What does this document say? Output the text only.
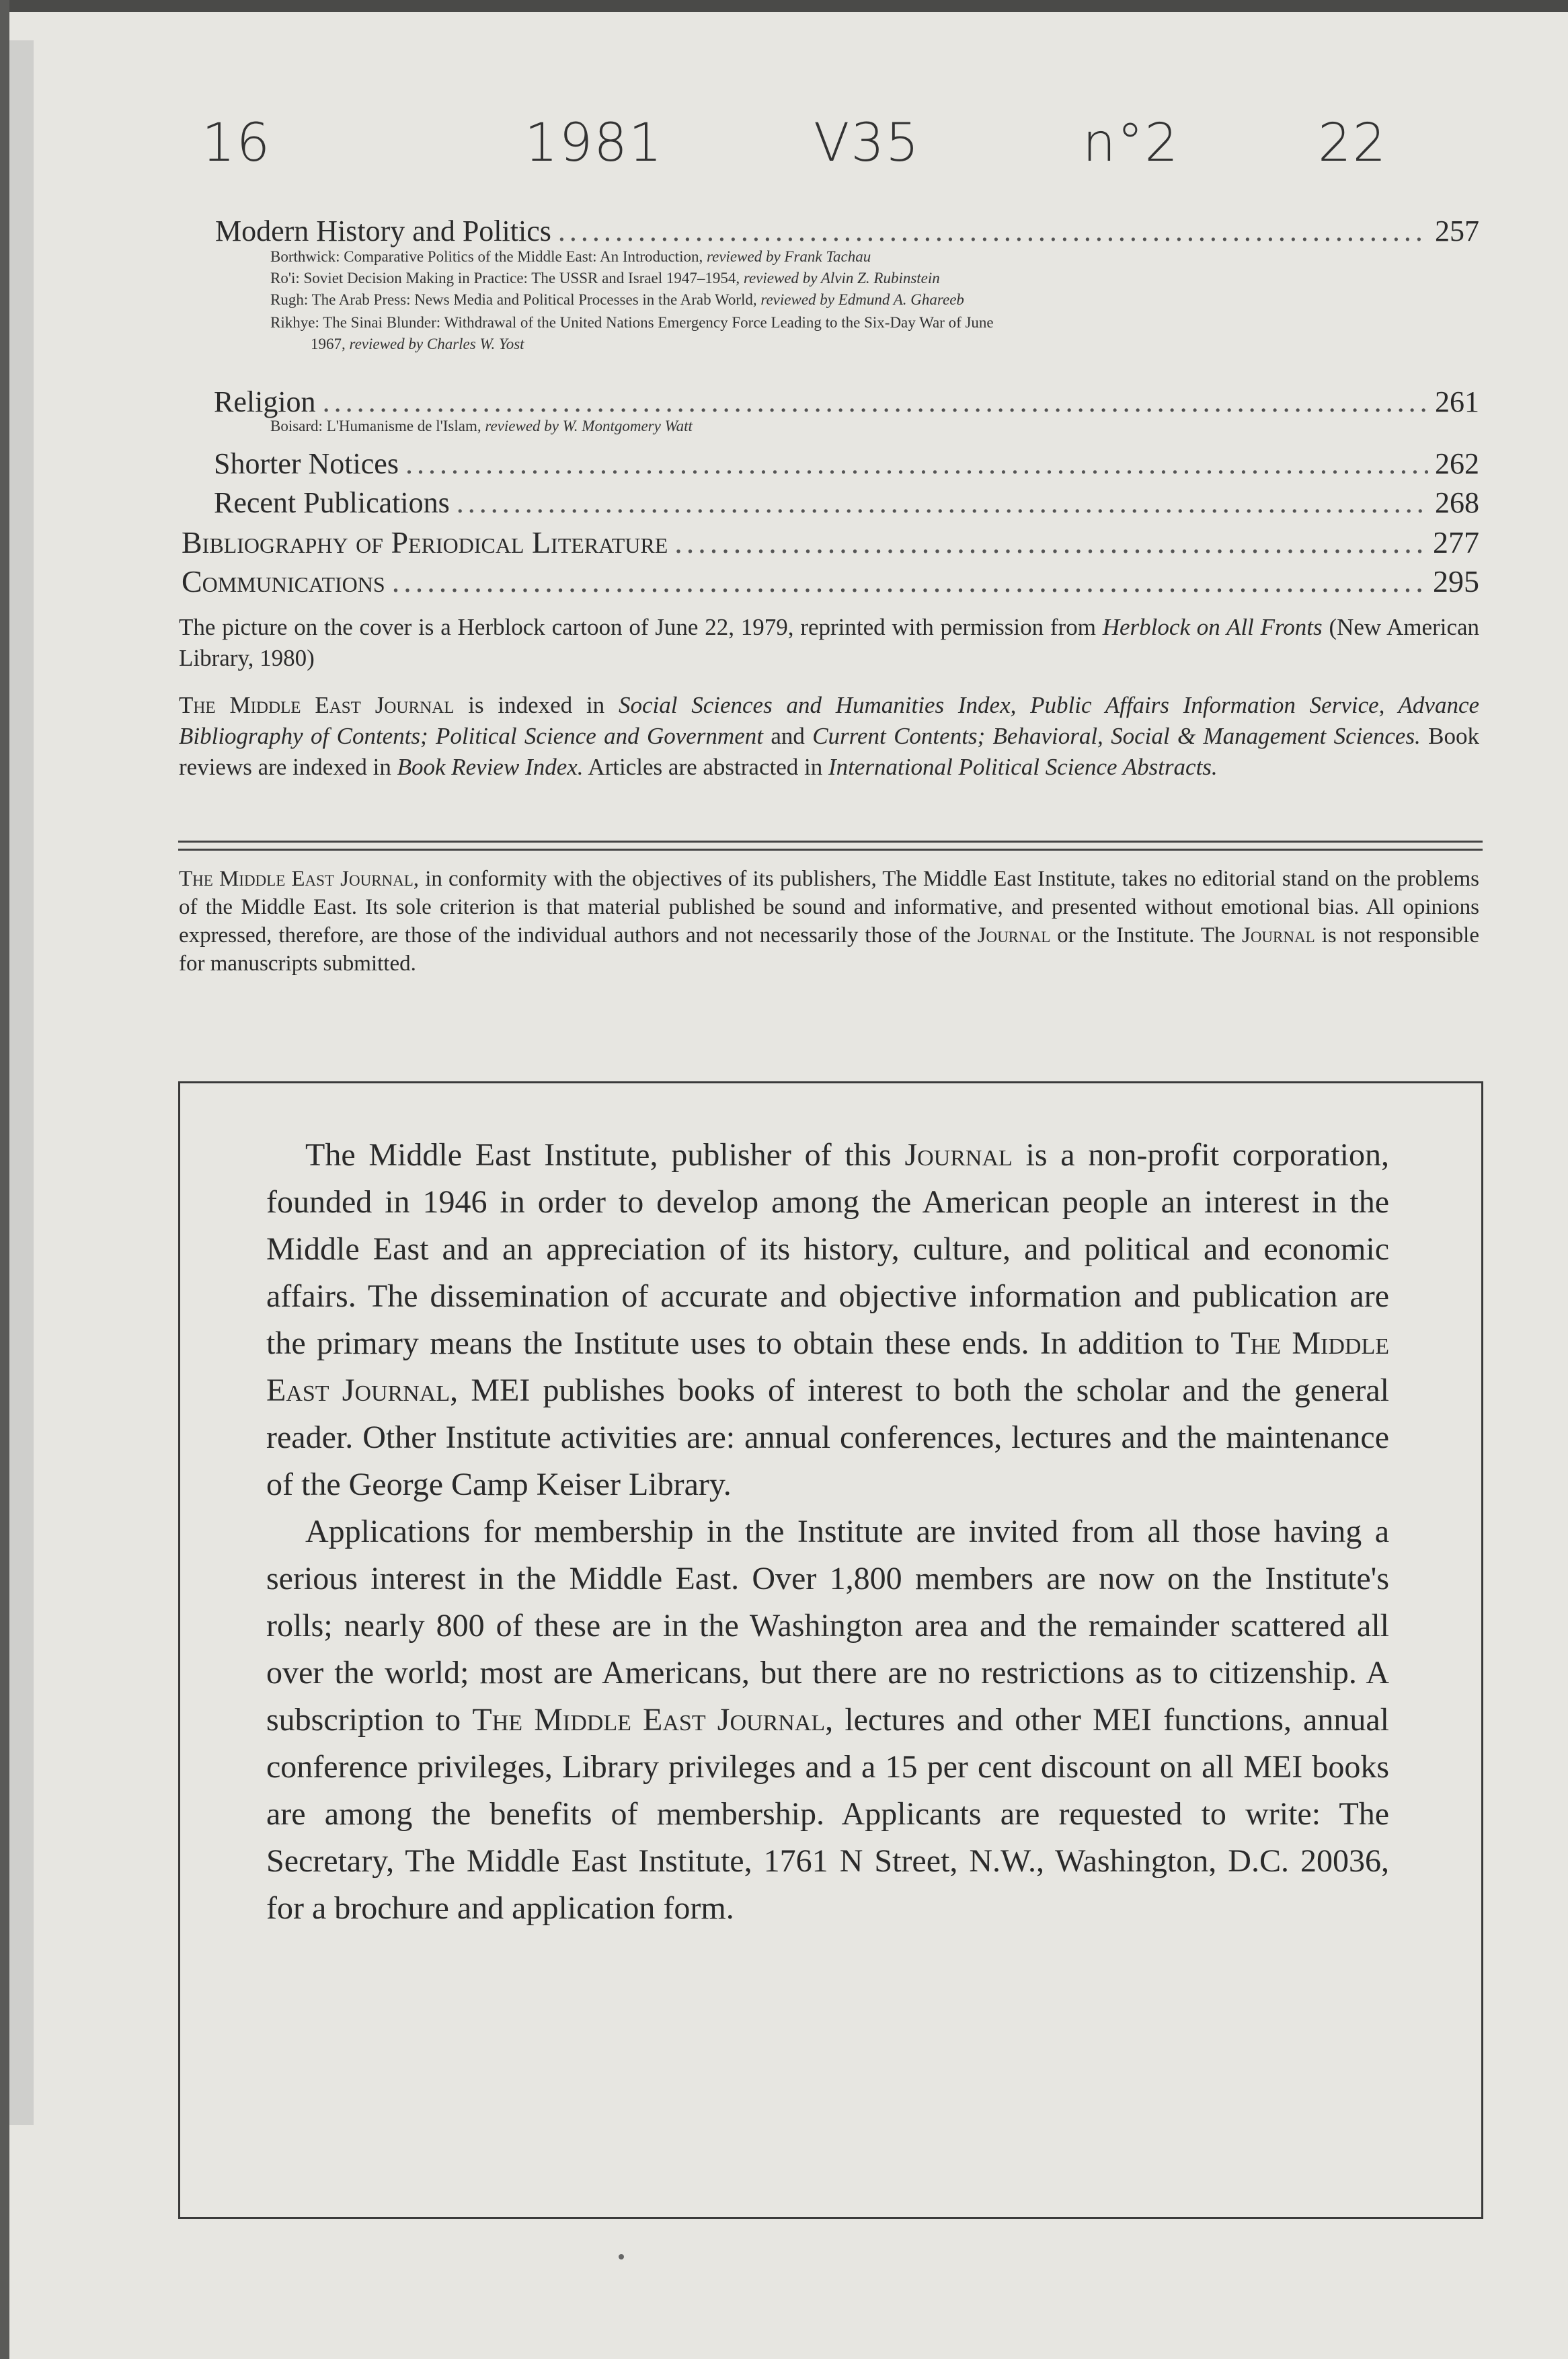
16	1981	V35	n°2	22
Modern History and Politics .....	257
Borthwick: Comparative Politics of the Middle East: An Introduction, reviewed by Frank Tachau
Ro'i: Soviet Decision Making in Practice: The USSR and Israel 1947–1954, reviewed by Alvin Z. Rubinstein
Rugh: The Arab Press: News Media and Political Processes in the Arab World, reviewed by Edmund A. Ghareeb
Rikhye: The Sinai Blunder: Withdrawal of the United Nations Emergency Force Leading to the Six-Day War of June
1967, reviewed by Charles W. Yost
Religion .....	261
Boisard: L'Humanisme de l'Islam, reviewed by W. Montgomery Watt
Shorter Notices .....	262
Recent Publications .....	268
Bibliography of Periodical Literature .....	277
Communications .....	295
The picture on the cover is a Herblock cartoon of June 22, 1979, reprinted with permission from Herblock on All Fronts (New American Library, 1980)
The Middle East Journal is indexed in Social Sciences and Humanities Index, Public Affairs Information Service, Advance Bibliography of Contents; Political Science and Government and Current Contents; Behavioral, Social & Management Sciences. Book reviews are indexed in Book Review Index. Articles are abstracted in International Political Science Abstracts.
The Middle East Journal, in conformity with the objectives of its publishers, The Middle East Institute, takes no editorial stand on the problems of the Middle East. Its sole criterion is that material published be sound and informative, and presented without emotional bias. All opinions expressed, therefore, are those of the individual authors and not necessarily those of the Journal or the Institute. The Journal is not responsible for manuscripts submitted.

The Middle East Institute, publisher of this Journal is a non-profit corporation, founded in 1946 in order to develop among the American people an interest in the Middle East and an appreciation of its history, culture, and political and economic affairs. The dissemination of accurate and objective information and publication are the primary means the Institute uses to obtain these ends. In addition to The Middle East Journal, MEI publishes books of interest to both the scholar and the general reader. Other Institute activities are: annual conferences, lectures and the maintenance of the George Camp Keiser Library.

Applications for membership in the Institute are invited from all those having a serious interest in the Middle East. Over 1,800 members are now on the Institute's rolls; nearly 800 of these are in the Washington area and the remainder scattered all over the world; most are Americans, but there are no restrictions as to citizenship. A subscription to The Middle East Journal, lectures and other MEI functions, annual conference privileges, Library privileges and a 15 per cent discount on all MEI books are among the benefits of membership. Applicants are requested to write: The Secretary, The Middle East Institute, 1761 N Street, N.W., Washington, D.C. 20036, for a brochure and application form.
